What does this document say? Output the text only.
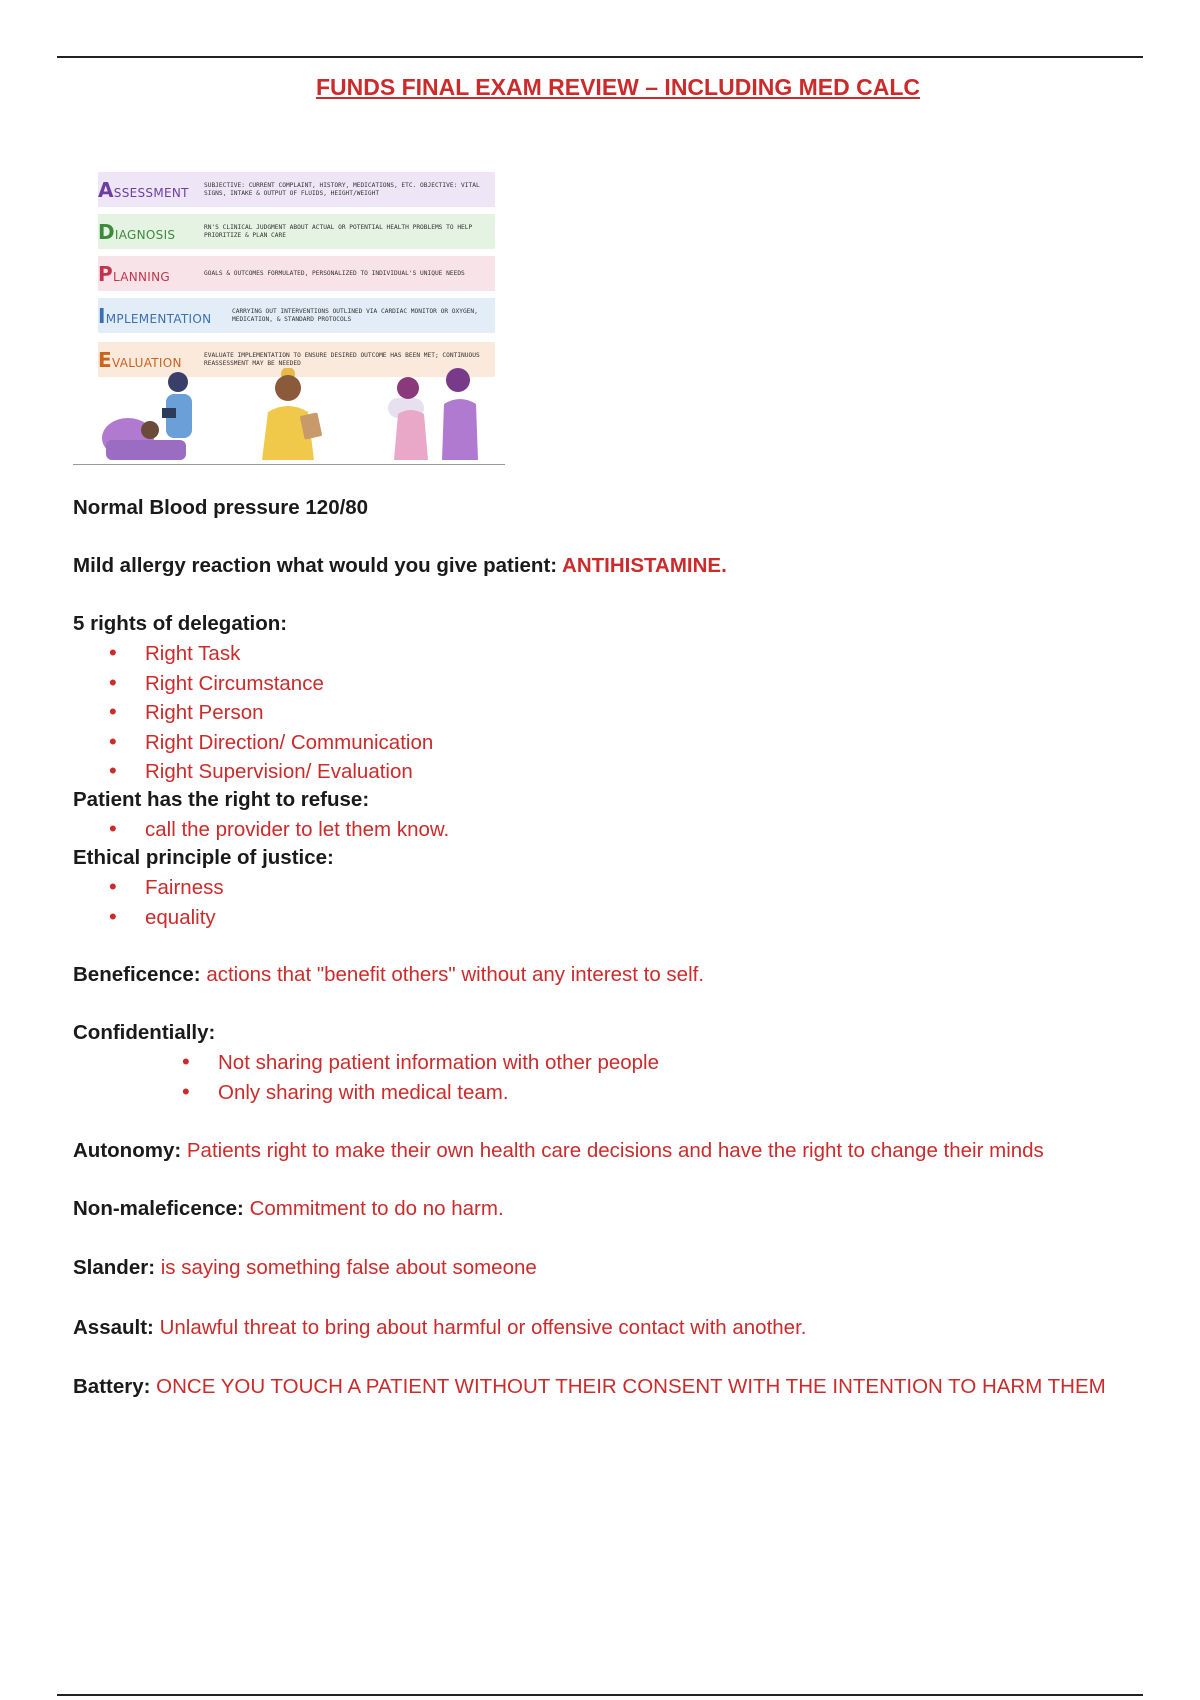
FUNDS FINAL EXAM REVIEW – INCLUDING MED CALC
ASSESSMENT
SUBJECTIVE: CURRENT COMPLAINT, HISTORY, MEDICATIONS, ETC. OBJECTIVE: VITAL SIGNS, INTAKE & OUTPUT OF FLUIDS, HEIGHT/WEIGHT
DIAGNOSIS
RN'S CLINICAL JUDGMENT ABOUT ACTUAL OR POTENTIAL HEALTH PROBLEMS TO HELP PRIORITIZE & PLAN CARE
PLANNING	GOALS & OUTCOMES FORMULATED, PERSONALIZED TO INDIVIDUAL'S UNIQUE NEEDS
IMPLEMENTATION
CARRYING OUT INTERVENTIONS OUTLINED VIA CARDIAC MONITOR OR OXYGEN, MEDICATION, & STANDARD PROTOCOLS
EVALUATION
EVALUATE IMPLEMENTATION TO ENSURE DESIRED OUTCOME HAS BEEN MET; CONTINUOUS REASSESSMENT MAY BE NEEDED
Normal Blood pressure 120/80
Mild allergy reaction what would you give patient: ANTIHISTAMINE.
5 rights of delegation:
• Right Task
• Right Circumstance
• Right Person
• Right Direction/ Communication
• Right Supervision/ Evaluation
Patient has the right to refuse:
• call the provider to let them know.
Ethical principle of justice:
• Fairness
• equality
Beneficence: actions that "benefit others" without any interest to self.
Confidentially:
• Not sharing patient information with other people
• Only sharing with medical team.
Autonomy: Patients right to make their own health care decisions and have the right to change their minds
Non-maleficence: Commitment to do no harm.
Slander: is saying something false about someone
Assault: Unlawful threat to bring about harmful or offensive contact with another.
Battery: ONCE YOU TOUCH A PATIENT WITHOUT THEIR CONSENT WITH THE INTENTION TO HARM THEM
